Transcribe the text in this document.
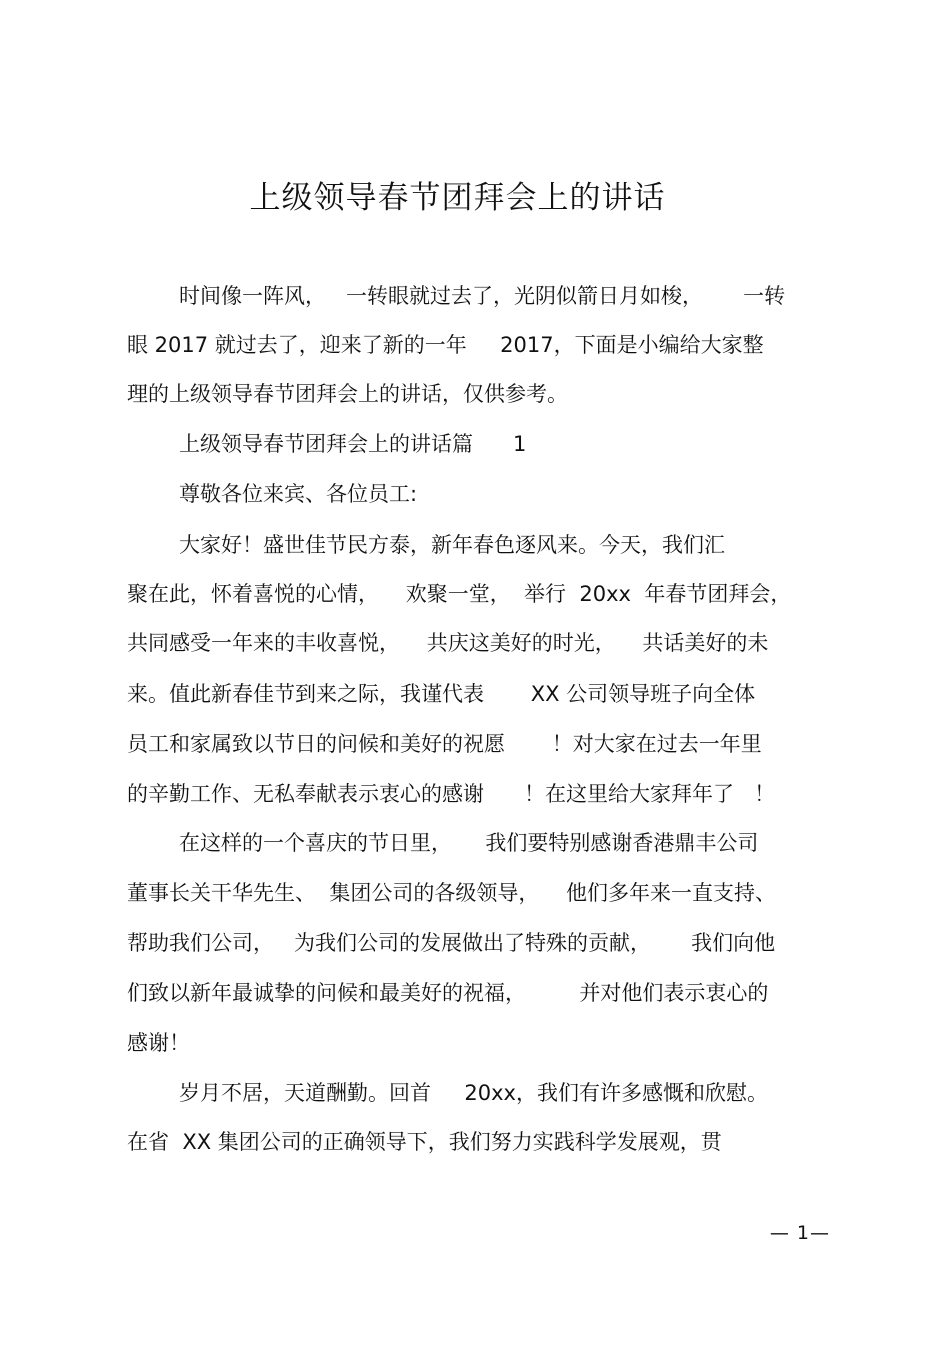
上级领导春节团拜会上的讲话
时间像一阵风，   一转眼就过去了，光阴似箭日月如梭，      一转
眼 2017 就过去了，迎来了新的一年     2017，下面是小编给大家整
理的上级领导春节团拜会上的讲话，仅供参考。
上级领导春节团拜会上的讲话篇      1
尊敬各位来宾、各位员工:
大家好！盛世佳节民方泰，新年春色逐风来。今天，我们汇
聚在此，怀着喜悦的心情，    欢聚一堂，  举行  20xx  年春节团拜会，
共同感受一年来的丰收喜悦，    共庆这美好的时光，    共话美好的未
来。值此新春佳节到来之际，我谨代表       XX 公司领导班子向全体
员工和家属致以节日的问候和美好的祝愿       ！对大家在过去一年里
的辛勤工作、无私奉献表示衷心的感谢      ！在这里给大家拜年了   ！
在这样的一个喜庆的节日里，     我们要特别感谢香港鼎丰公司
董事长关干华先生、  集团公司的各级领导，    他们多年来一直支持、
帮助我们公司，   为我们公司的发展做出了特殊的贡献，      我们向他
们致以新年最诚挚的问候和最美好的祝福，        并对他们表示衷心的
感谢！
岁月不居，天道酬勤。回首     20xx，我们有许多感慨和欣慰。
在省  XX 集团公司的正确领导下，我们努力实践科学发展观，贯
— 1—
